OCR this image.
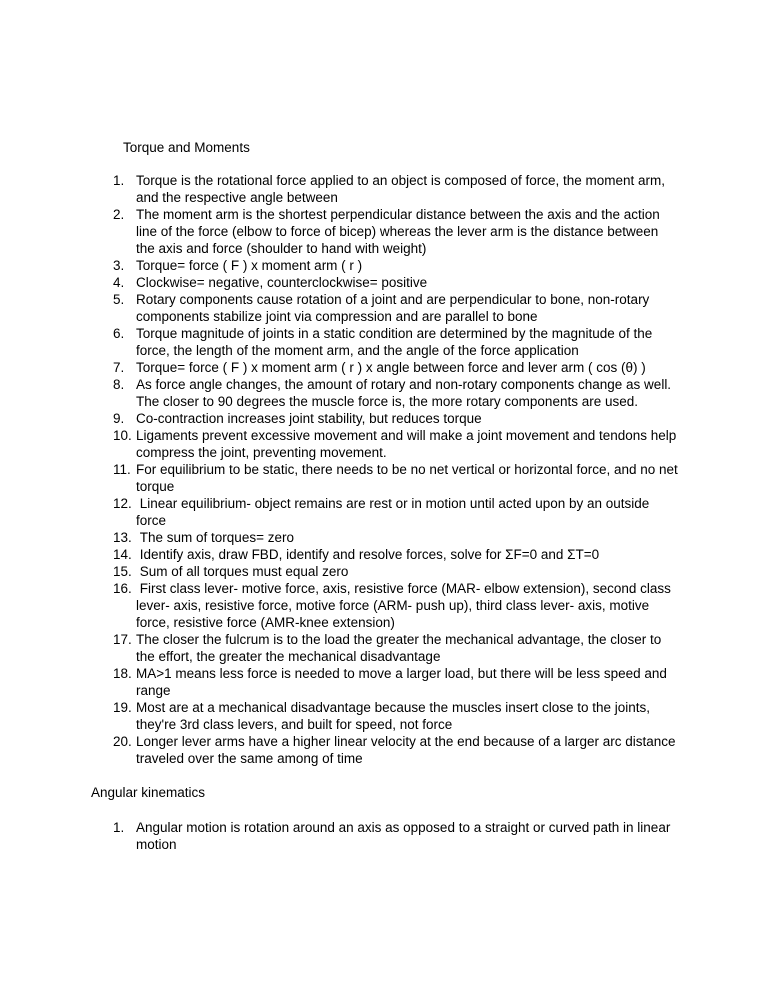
Torque and Moments

Torque is the rotational force applied to an object is composed of force, the moment arm, and the respective angle between
The moment arm is the shortest perpendicular distance between the axis and the action line of the force (elbow to force of bicep) whereas the lever arm is the distance between the axis and force (shoulder to hand with weight)
Torque= force ( F ) x moment arm ( r )
Clockwise= negative, counterclockwise= positive
Rotary components cause rotation of a joint and are perpendicular to bone, non-rotary components stabilize joint via compression and are parallel to bone
Torque magnitude of joints in a static condition are determined by the magnitude of the force, the length of the moment arm, and the angle of the force application
Torque= force ( F ) x moment arm ( r ) x angle between force and lever arm ( cos (θ) )
As force angle changes, the amount of rotary and non-rotary components change as well. The closer to 90 degrees the muscle force is, the more rotary components are used.
Co-contraction increases joint stability, but reduces torque
Ligaments prevent excessive movement and will make a joint movement and tendons help compress the joint, preventing movement.
For equilibrium to be static, there needs to be no net vertical or horizontal force, and no net torque
Linear equilibrium- object remains are rest or in motion until acted upon by an outside force
The sum of torques= zero
Identify axis, draw FBD, identify and resolve forces, solve for ΣF=0 and ΣT=0
Sum of all torques must equal zero
First class lever- motive force, axis, resistive force (MAR- elbow extension), second class lever- axis, resistive force, motive force (ARM- push up), third class lever- axis, motive force, resistive force (AMR-knee extension)
The closer the fulcrum is to the load the greater the mechanical advantage, the closer to the effort, the greater the mechanical disadvantage
MA>1 means less force is needed to move a larger load, but there will be less speed and range
Most are at a mechanical disadvantage because the muscles insert close to the joints, they're 3rd class levers, and built for speed, not force
Longer lever arms have a higher linear velocity at the end because of a larger arc distance traveled over the same among of time

Angular kinematics

Angular motion is rotation around an axis as opposed to a straight or curved path in linear motion
